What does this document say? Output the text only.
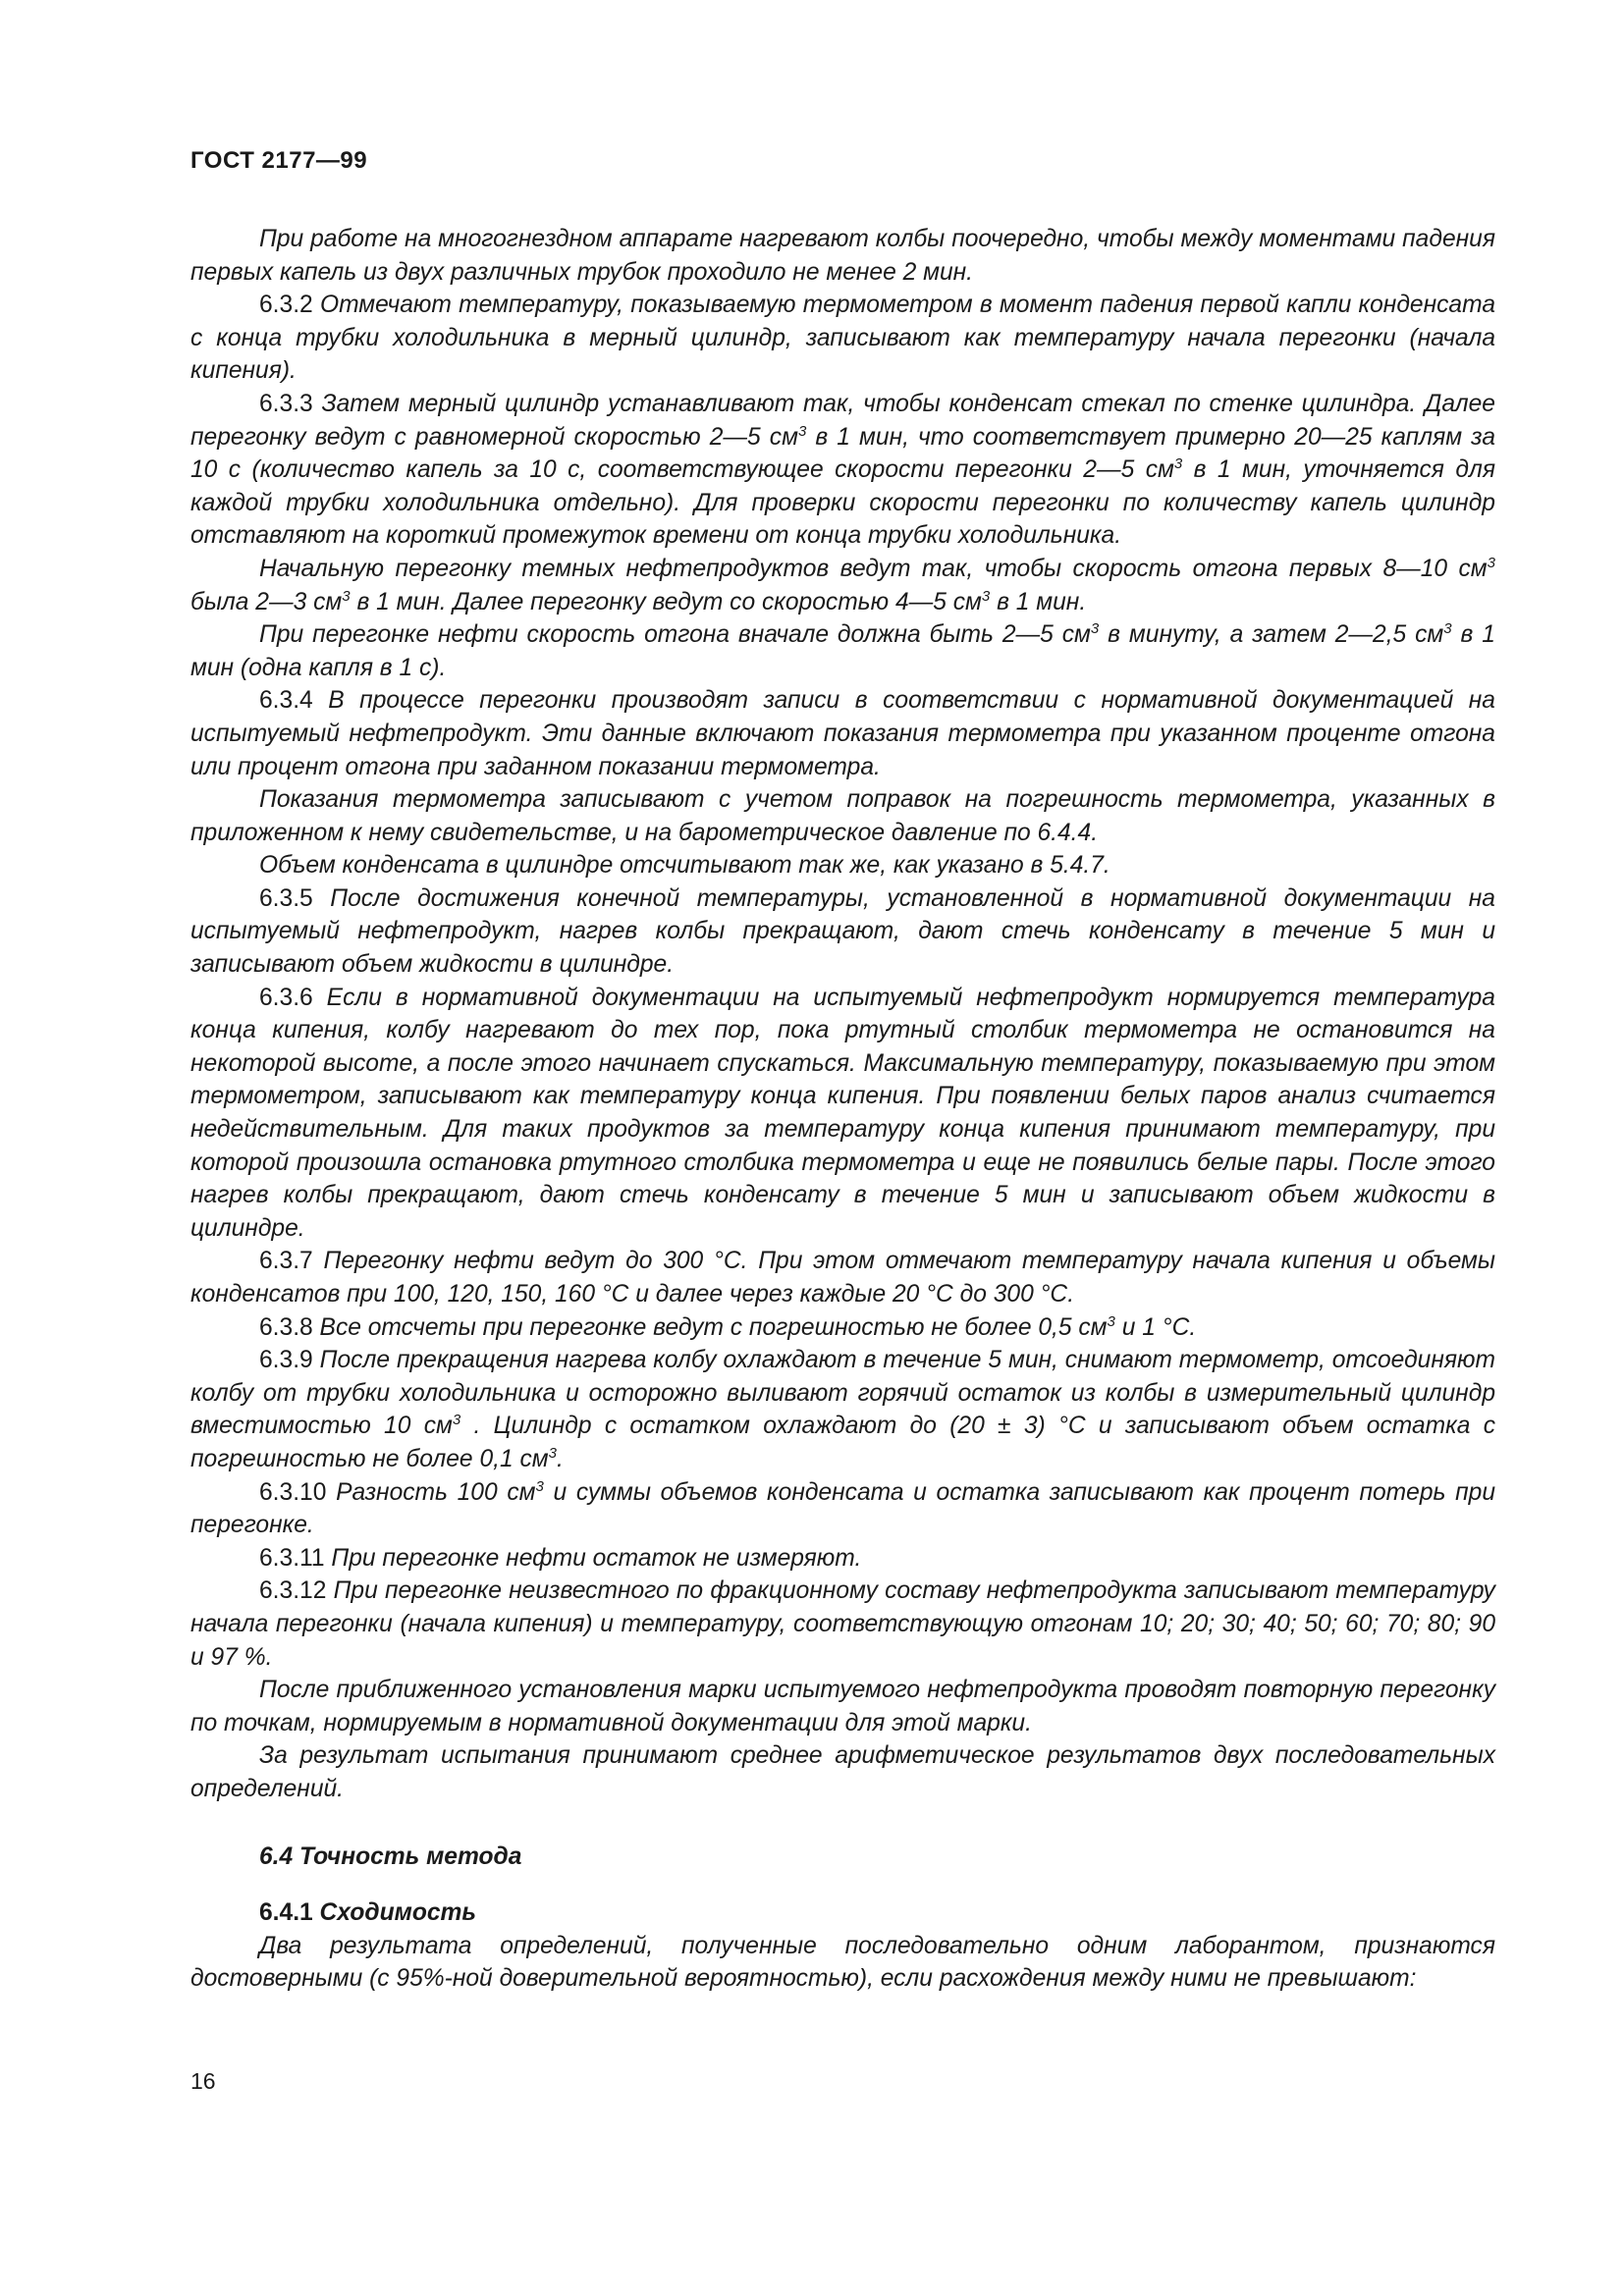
ГОСТ 2177—99

При работе на многогнездном аппарате нагревают колбы поочередно, чтобы между моментами падения первых капель из двух различных трубок проходило не менее 2 мин.

6.3.2 Отмечают температуру, показываемую термометром в момент падения первой капли конденсата с конца трубки холодильника в мерный цилиндр, записывают как температуру начала перегонки (начала кипения).

6.3.3 Затем мерный цилиндр устанавливают так, чтобы конденсат стекал по стенке цилиндра. Далее перегонку ведут с равномерной скоростью 2—5 $см^3$ в 1 мин, что соответствует примерно 20—25 каплям за 10 с (количество капель за 10 с, соответствующее скорости перегонки 2—5 $см^3$ в 1 мин, уточняется для каждой трубки холодильника отдельно). Для проверки скорости перегонки по количеству капель цилиндр отставляют на короткий промежуток времени от конца трубки холодильника.

Начальную перегонку темных нефтепродуктов ведут так, чтобы скорость отгона первых 8—10 $см^3$ была 2—3 $см^3$ в 1 мин. Далее перегонку ведут со скоростью 4—5 $см^3$ в 1 мин.

При перегонке нефти скорость отгона вначале должна быть 2—5 $см^3$ в минуту, а затем 2—2,5 $см^3$ в 1 мин (одна капля в 1 с).

6.3.4 В процессе перегонки производят записи в соответствии с нормативной документацией на испытуемый нефтепродукт. Эти данные включают показания термометра при указанном проценте отгона или процент отгона при заданном показании термометра.

Показания термометра записывают с учетом поправок на погрешность термометра, указанных в приложенном к нему свидетельстве, и на барометрическое давление по 6.4.4.

Объем конденсата в цилиндре отсчитывают так же, как указано в 5.4.7.

6.3.5 После достижения конечной температуры, установленной в нормативной документации на испытуемый нефтепродукт, нагрев колбы прекращают, дают стечь конденсату в течение 5 мин и записывают объем жидкости в цилиндре.

6.3.6 Если в нормативной документации на испытуемый нефтепродукт нормируется температура конца кипения, колбу нагревают до тех пор, пока ртутный столбик термометра не остановится на некоторой высоте, а после этого начинает спускаться. Максимальную температуру, показываемую при этом термометром, записывают как температуру конца кипения. При появлении белых паров анализ считается недействительным. Для таких продуктов за температуру конца кипения принимают температуру, при которой произошла остановка ртутного столбика термометра и еще не появились белые пары. После этого нагрев колбы прекращают, дают стечь конденсату в течение 5 мин и записывают объем жидкости в цилиндре.

6.3.7 Перегонку нефти ведут до 300 °С. При этом отмечают температуру начала кипения и объемы конденсатов при 100, 120, 150, 160 °С и далее через каждые 20 °С до 300 °С.

6.3.8 Все отсчеты при перегонке ведут с погрешностью не более 0,5 $см^3$ и 1 °С.

6.3.9 После прекращения нагрева колбу охлаждают в течение 5 мин, снимают термометр, отсоединяют колбу от трубки холодильника и осторожно выливают горячий остаток из колбы в измерительный цилиндр вместимостью 10 $см^3$ . Цилиндр с остатком охлаждают до (20 ± 3) °С и записывают объем остатка с погрешностью не более 0,1 $см^3$.

6.3.10 Разность 100 $см^3$ и суммы объемов конденсата и остатка записывают как процент потерь при перегонке.

6.3.11 При перегонке нефти остаток не измеряют.

6.3.12 При перегонке неизвестного по фракционному составу нефтепродукта записывают температуру начала перегонки (начала кипения) и температуру, соответствующую отгонам 10; 20; 30; 40; 50; 60; 70; 80; 90 и 97 %.

После приближенного установления марки испытуемого нефтепродукта проводят повторную перегонку по точкам, нормируемым в нормативной документации для этой марки.

За результат испытания принимают среднее арифметическое результатов двух последовательных определений.

6.4 Точность метода

6.4.1 Сходимость

Два результата определений, полученные последовательно одним лаборантом, признаются достоверными (с 95%-ной доверительной вероятностью), если расхождения между ними не превышают:

16
